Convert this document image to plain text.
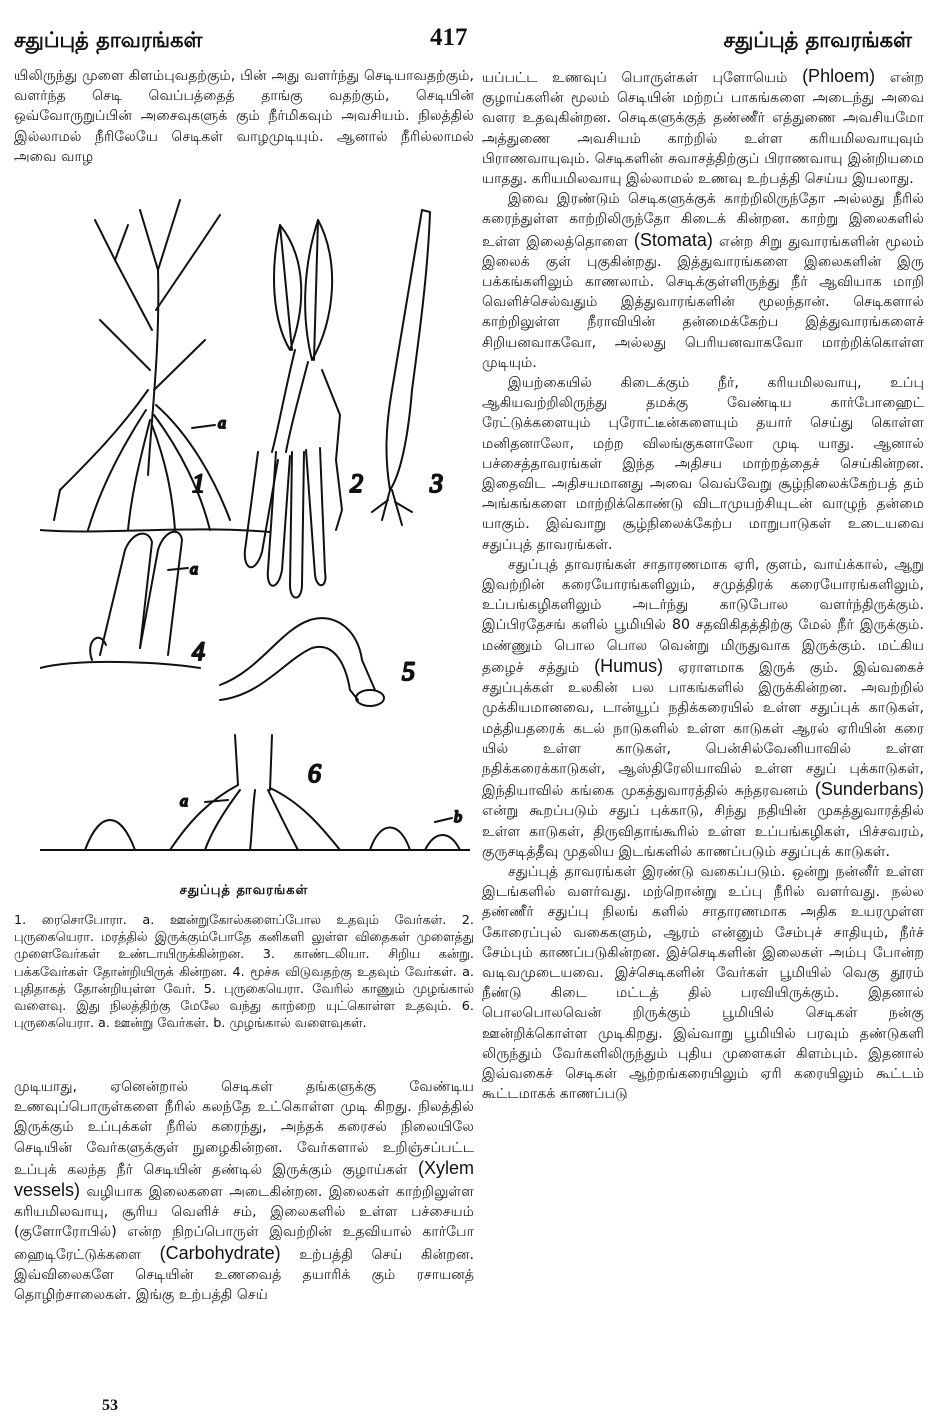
சதுப்புத் தாவரங்கள்	417	சதுப்புத் தாவரங்கள்

யிலிருந்து முளை கிளம்புவதற்கும், பின் அது வளர்ந்து செடியாவதற்கும், வளர்ந்த செடி வெப்பத்தைத் தாங்கு வதற்கும், செடியின் ஒவ்வோருறுப்பின் அசைவுகளுக் கும் நீர்மிகவும் அவசியம். நிலத்தில் இல்லாமல் நீரிலேயே செடிகள் வாழமுடியும். ஆனால் நீரில்லாமல் அவை வாழ

a
1	2	3
a
4
5
a
b
6
சதுப்புத் தாவரங்கள்
1. ரைசொபோரா. a. ஊன்றுகோல்களைப்போல உதவும் வேர்கள். 2. புருகையெரா. மரத்தில் இருக்கும்போதே கனிகளி லுள்ள விதைகள் முளைத்து முளைவேர்கள் உண்டாயிருக்கின்றன. 3. காண்டலியா. சிறிய கன்று. பக்கவேர்கள் தோன்றியிருக் கின்றன. 4. மூச்சு விடுவதற்கு உதவும் வேர்கள். a. புதிதாகத் தோன்றியுள்ள வேர். 5. புருகையெரா. வேரில் காணும் முழங்கால் வளைவு. இது நிலத்திற்கு மேலே வந்து காற்றை யுட்கொள்ள உதவும். 6. புருகையெரா. a. ஊன்று வேர்கள். b. முழங்கால் வளைவுகள்.

முடியாது, ஏனென்றால் செடிகள் தங்களுக்கு வேண்டிய உணவுப்பொருள்களை நீரில் கலந்தே உட்கொள்ள முடி கிறது. நிலத்தில் இருக்கும் உப்புக்கள் நீரில் கரைந்து, அந்தக் கரைசல் நிலையிலே செடியின் வேர்களுக்குள் நுழைகின்றன. வேர்களால் உறிஞ்சப்பட்ட உப்புக் கலந்த நீர் செடியின் தண்டில் இருக்கும் குழாய்கள் (Xylem vessels) வழியாக இலைகளை அடைகின்றன. இலைகள் காற்றிலுள்ள கரியமிலவாயு, சூரிய வெளிச் சம், இலைகளில் உள்ள பச்சையம் (குளோரோபில்) என்ற நிறப்பொருள் இவற்றின் உதவியால் கார்போ ஹைடிரேட்டுக்களை (Carbohydrate) உற்பத்தி செய் கின்றன. இவ்விலைகளே செடியின் உணவைத் தயாரிக் கும் ரசாயனத் தொழிற்சாலைகள். இங்கு உற்பத்தி செய்

யப்பட்ட உணவுப் பொருள்கள் புளோயெம் (Phloem) என்ற குழாய்களின் மூலம் செடியின் மற்றப் பாகங்களை அடைந்து அவை வளர உதவுகின்றன. செடிகளுக்குத் தண்ணீர் எத்துணை அவசியமோ அத்துணை அவசியம் காற்றில் உள்ள கரியமிலவாயுவும் பிராணவாயுவும். செடிகளின் சுவாசத்திற்குப் பிராணவாயு இன்றியமை யாதது. கரியமிலவாயு இல்லாமல் உணவு உற்பத்தி செய்ய இயலாது.

இவை இரண்டும் செடிகளுக்குக் காற்றிலிருந்தோ அல்லது நீரில் கரைந்துள்ள காற்றிலிருந்தோ கிடைக் கின்றன. காற்று இலைகளில் உள்ள இலைத்தொளை (Stomata) என்ற சிறு துவாரங்களின் மூலம் இலைக் குள் புகுகின்றது. இத்துவாரங்களை இலைகளின் இரு பக்கங்களிலும் காணலாம். செடிக்குள்ளிருந்து நீர் ஆவியாக மாறி வெளிச்செல்வதும் இத்துவாரங்களின் மூலந்தான். செடிகளால் காற்றிலுள்ள நீராவியின் தன்மைக்கேற்ப இத்துவாரங்களைச் சிறியனவாகவோ, அல்லது பெரியனவாகவோ மாற்றிக்கொள்ள முடியும்.

இயற்கையில் கிடைக்கும் நீர், கரியமிலவாயு, உப்பு ஆகியவற்றிலிருந்து தமக்கு வேண்டிய கார்போஹைட் ரேட்டுக்களையும் புரோட்டீன்களையும் தயார் செய்து கொள்ள மனிதனாலோ, மற்ற விலங்குகளாலோ முடி யாது. ஆனால் பச்சைத்தாவரங்கள் இந்த அதிசய மாற்றத்தைச் செய்கின்றன. இதைவிட அதிசயமானது அவை வெவ்வேறு சூழ்நிலைக்கேற்பத் தம் அங்கங்களை மாற்றிக்கொண்டு விடாமுயற்சியுடன் வாழுந் தன்மை யாகும். இவ்வாறு சூழ்நிலைக்கேற்ப மாறுபாடுகள் உடையவை சதுப்புத் தாவரங்கள்.

சதுப்புத் தாவரங்கள் சாதாரணமாக ஏரி, குளம், வாய்க்கால், ஆறு இவற்றின் கரையோரங்களிலும், சமுத்திரக் கரையோரங்களிலும், உப்பங்கழிகளிலும் அடர்ந்து காடுபோல வளர்ந்திருக்கும். இப்பிரதேசங் களில் பூமியில் 80 சதவிகிதத்திற்கு மேல் நீர் இருக்கும். மண்ணும் பொல பொல வென்று மிருதுவாக இருக்கும். மட்கிய தழைச் சத்தும் (Humus) ஏராளமாக இருக் கும். இவ்வகைச் சதுப்புக்கள் உலகின் பல பாகங்களில் இருக்கின்றன. அவற்றில் முக்கியமானவை, டான்யூப் நதிக்கரையில் உள்ள சதுப்புக் காடுகள், மத்தியதரைக் கடல் நாடுகளில் உள்ள காடுகள் ஆரல் ஏரியின் கரை யில் உள்ள காடுகள், பென்சில்வேனியாவில் உள்ள நதிக்கரைக்காடுகள், ஆஸ்திரேலியாவில் உள்ள சதுப் புக்காடுகள், இந்தியாவில் கங்கை முகத்துவாரத்தில் சுந்தரவனம் (Sunderbans) என்று கூறப்படும் சதுப் புக்காடு, சிந்து நதியின் முகத்துவாரத்தில் உள்ள காடுகள், திருவிதாங்கூரில் உள்ள உப்பங்கழிகள், பிச்சவரம், குருசடித்தீவு முதலிய இடங்களில் காணப்படும் சதுப்புக் காடுகள்.

சதுப்புத் தாவரங்கள் இரண்டு வகைப்படும். ஒன்று நன்னீர் உள்ள இடங்களில் வளர்வது. மற்றொன்று உப்பு நீரில் வளர்வது. நல்ல தண்ணீர் சதுப்பு நிலங் களில் சாதாரணமாக அதிக உயரமுள்ள கோரைப்புல் வகைகளும், ஆரம் என்னும் சேம்புச் சாதியும், நீர்ச் சேம்பும் காணப்படுகின்றன. இச்செடிகளின் இலைகள் அம்பு போன்ற வடிவமுடையவை. இச்செடிகளின் வேர்கள் பூமியில் வெகு தூரம் நீண்டு கிடை மட்டத் தில் பரவியிருக்கும். இதனால் பொலபொலவென் றிருக்கும் பூமியில் செடிகள் நன்கு ஊன்றிக்கொள்ள முடிகிறது. இவ்வாறு பூமியில் பரவும் தண்டுகளி லிருந்தும் வேர்களிலிருந்தும் புதிய முளைகள் கிளம்பும். இதனால் இவ்வகைச் செடிகள் ஆற்றங்கரையிலும் ஏரி கரையிலும் கூட்டம் கூட்டமாகக் காணப்படு

53
